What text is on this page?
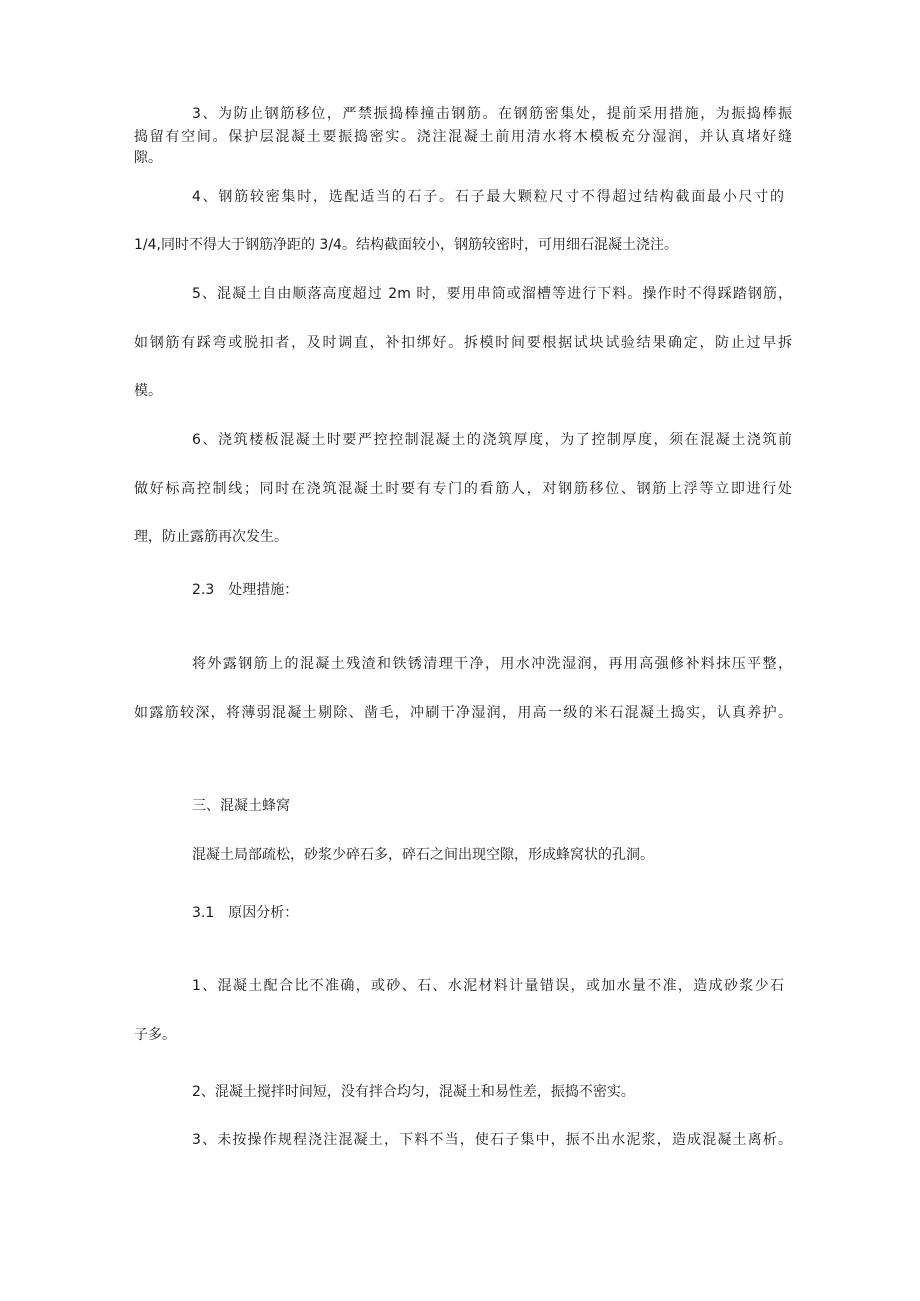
3、为防止钢筋移位，严禁振捣棒撞击钢筋。在钢筋密集处，提前采用措施，为振捣棒振

捣留有空间。保护层混凝土要振捣密实。浇注混凝土前用清水将木模板充分湿润，并认真堵好缝

隙。

4、钢筋较密集时，选配适当的石子。石子最大颗粒尺寸不得超过结构截面最小尺寸的

1/4,同时不得大于钢筋净距的 3/4。结构截面较小，钢筋较密时，可用细石混凝土浇注。

5、混凝土自由顺落高度超过 2m 时，要用串筒或溜槽等进行下料。操作时不得踩踏钢筋，

如钢筋有踩弯或脱扣者，及时调直，补扣绑好。拆模时间要根据试块试验结果确定，防止过早拆

模。

6、浇筑楼板混凝土时要严控控制混凝土的浇筑厚度，为了控制厚度，须在混凝土浇筑前

做好标高控制线；同时在浇筑混凝土时要有专门的看筋人，对钢筋移位、钢筋上浮等立即进行处

理，防止露筋再次发生。

2.3　处理措施：

将外露钢筋上的混凝土残渣和铁锈清理干净，用水冲洗湿润，再用高强修补料抹压平整，

如露筋较深，将薄弱混凝土剔除、凿毛，冲刷干净湿润，用高一级的米石混凝土捣实，认真养护。

三、混凝土蜂窝

混凝土局部疏松，砂浆少碎石多，碎石之间出现空隙，形成蜂窝状的孔洞。

3.1　原因分析：

1、混凝土配合比不准确，或砂、石、水泥材料计量错误，或加水量不准，造成砂浆少石

子多。

2、混凝土搅拌时间短，没有拌合均匀，混凝土和易性差，振捣不密实。

3、未按操作规程浇注混凝土，下料不当，使石子集中，振不出水泥浆，造成混凝土离析。
